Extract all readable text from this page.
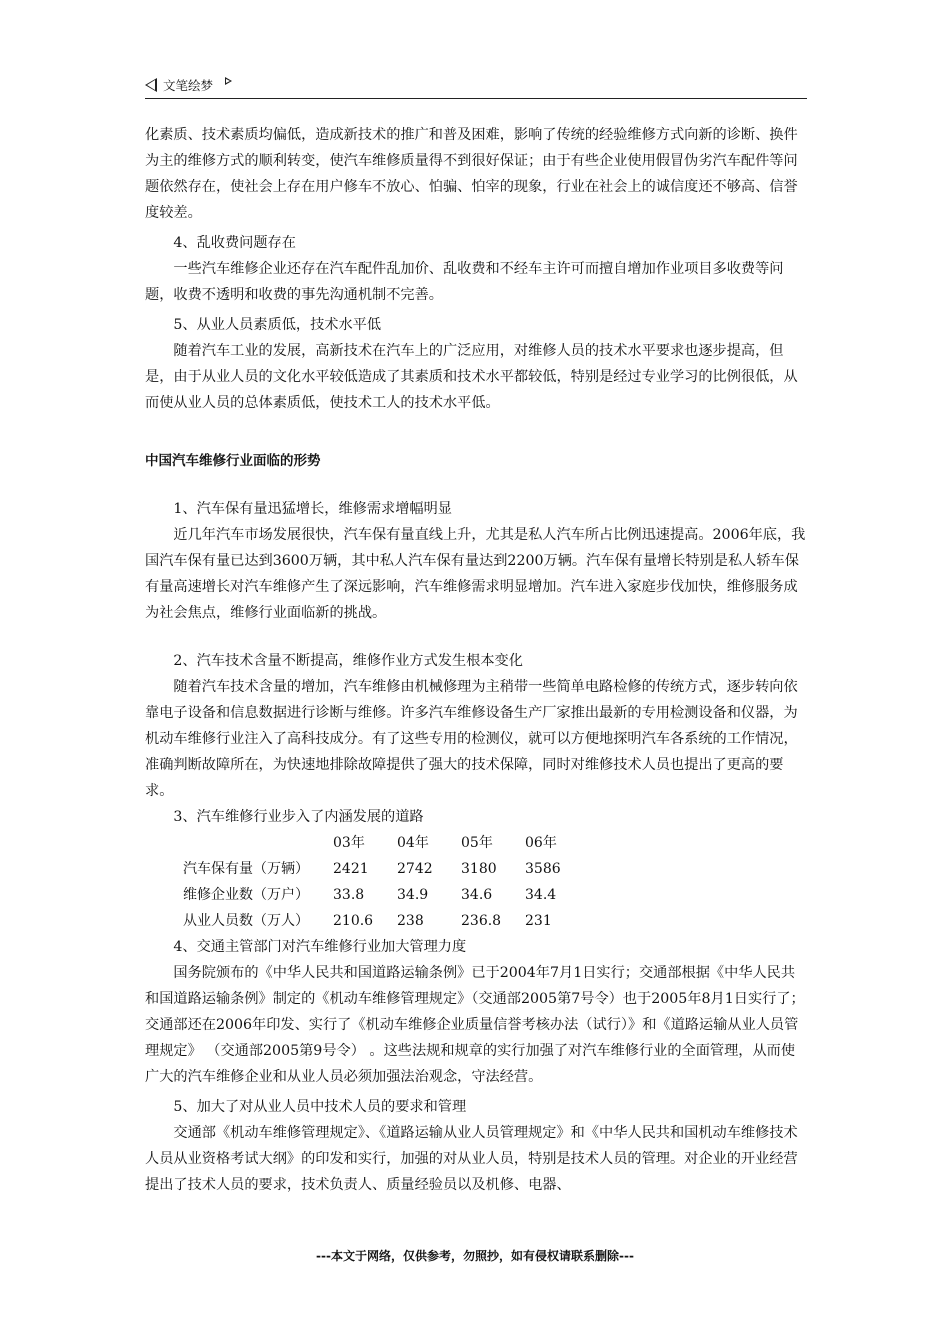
文笔绘梦

化素质、技术素质均偏低，造成新技术的推广和普及困难，影响了传统的经验维修方式向新的诊断、换件为主的维修方式的顺利转变，使汽车维修质量得不到很好保证；由于有些企业使用假冒伪劣汽车配件等问题依然存在，使社会上存在用户修车不放心、怕骗、怕宰的现象，行业在社会上的诚信度还不够高、信誉度较差。

4、乱收费问题存在

一些汽车维修企业还存在汽车配件乱加价、乱收费和不经车主许可而擅自增加作业项目多收费等问题，收费不透明和收费的事先沟通机制不完善。

5、从业人员素质低，技术水平低

随着汽车工业的发展，高新技术在汽车上的广泛应用，对维修人员的技术水平要求也逐步提高，但是，由于从业人员的文化水平较低造成了其素质和技术水平都较低，特别是经过专业学习的比例很低，从而使从业人员的总体素质低，使技术工人的技术水平低。

中国汽车维修行业面临的形势

1、汽车保有量迅猛增长，维修需求增幅明显

近几年汽车市场发展很快，汽车保有量直线上升，尤其是私人汽车所占比例迅速提高。2006年底，我国汽车保有量已达到3600万辆，其中私人汽车保有量达到2200万辆。汽车保有量增长特别是私人轿车保有量高速增长对汽车维修产生了深远影响，汽车维修需求明显增加。汽车进入家庭步伐加快，维修服务成为社会焦点，维修行业面临新的挑战。

2、汽车技术含量不断提高，维修作业方式发生根本变化

随着汽车技术含量的增加，汽车维修由机械修理为主稍带一些简单电路检修的传统方式，逐步转向依靠电子设备和信息数据进行诊断与维修。许多汽车维修设备生产厂家推出最新的专用检测设备和仪器，为机动车维修行业注入了高科技成分。有了这些专用的检测仪，就可以方便地探明汽车各系统的工作情况，准确判断故障所在，为快速地排除故障提供了强大的技术保障，同时对维修技术人员也提出了更高的要求。

3、汽车维修行业步入了内涵发展的道路

	03年	04年	05年	06年
汽车保有量（万辆）	2421	2742	3180	3586
维修企业数（万户）	33.8	34.9	34.6	34.4
从业人员数（万人）	210.6	238	236.8	231

4、交通主管部门对汽车维修行业加大管理力度

国务院颁布的《中华人民共和国道路运输条例》已于2004年7月1日实行；交通部根据《中华人民共和国道路运输条例》制定的《机动车维修管理规定》（交通部2005第7号令）也于2005年8月1日实行了；交通部还在2006年印发、实行了《机动车维修企业质量信誉考核办法（试行）》和《道路运输从业人员管理规定》 （交通部2005第9号令） 。这些法规和规章的实行加强了对汽车维修行业的全面管理，从而使广大的汽车维修企业和从业人员必须加强法治观念，守法经营。

5、加大了对从业人员中技术人员的要求和管理

交通部《机动车维修管理规定》、《道路运输从业人员管理规定》和《中华人民共和国机动车维修技术人员从业资格考试大纲》的印发和实行，加强的对从业人员，特别是技术人员的管理。对企业的开业经营提出了技术人员的要求，技术负责人、质量经验员以及机修、电器、

---本文于网络，仅供参考，勿照抄，如有侵权请联系删除---
